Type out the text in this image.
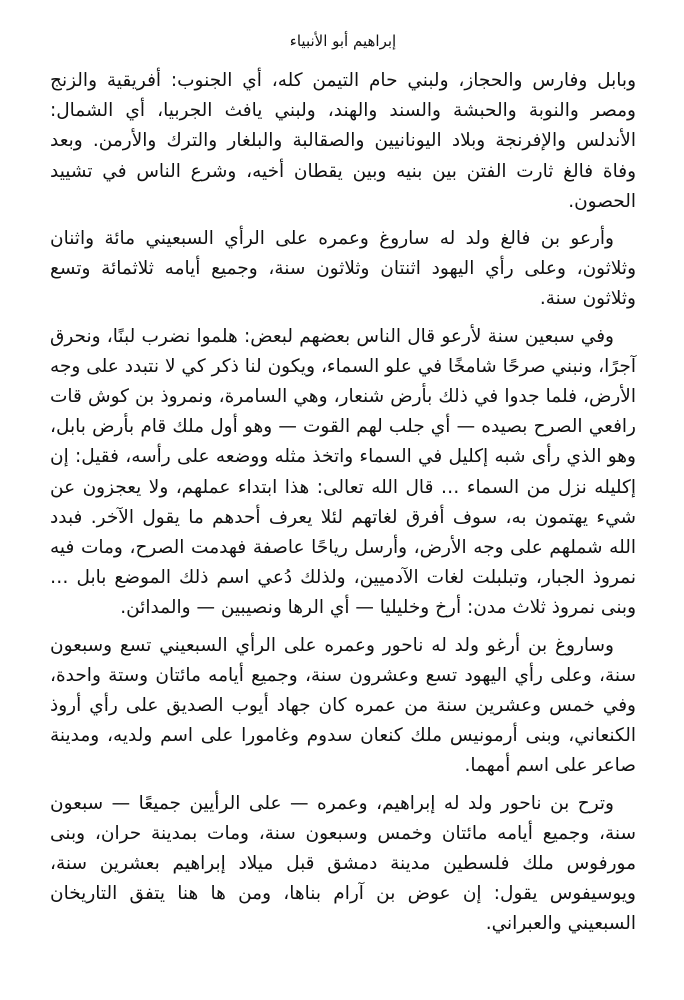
إبراهيم أبو الأنبياء

وبابل وفارس والحجاز، ولبني حام التيمن كله، أي الجنوب: أفريقية والزنج ومصر والنوبة والحبشة والسند والهند، ولبني يافث الجربيا، أي الشمال: الأندلس والإفرنجة وبلاد اليونانيين والصقالبة والبلغار والترك والأرمن. وبعد وفاة فالغ ثارت الفتن بين بنيه وبين يقطان أخيه، وشرع الناس في تشييد الحصون.

وأرعو بن فالغ ولد له ساروغ وعمره على الرأي السبعيني مائة واثنان وثلاثون، وعلى رأي اليهود اثنتان وثلاثون سنة، وجميع أيامه ثلاثمائة وتسع وثلاثون سنة.

وفي سبعين سنة لأرعو قال الناس بعضهم لبعض: هلموا نضرب لبنًا، ونحرق آجرًا، ونبني صرحًا شامخًا في علو السماء، ويكون لنا ذكر كي لا نتبدد على وجه الأرض، فلما جدوا في ذلك بأرض شنعار، وهي السامرة، ونمروذ بن كوش قات رافعي الصرح بصيده — أي جلب لهم القوت — وهو أول ملك قام بأرض بابل، وهو الذي رأى شبه إكليل في السماء واتخذ مثله ووضعه على رأسه، فقيل: إن إكليله نزل من السماء … قال الله تعالى: هذا ابتداء عملهم، ولا يعجزون عن شيء يهتمون به، سوف أفرق لغاتهم لئلا يعرف أحدهم ما يقول الآخر. فبدد الله شملهم على وجه الأرض، وأرسل رياحًا عاصفة فهدمت الصرح، ومات فيه نمروذ الجبار، وتبلبلت لغات الآدميين، ولذلك دُعي اسم ذلك الموضع بابل … وبنى نمروذ ثلاث مدن: أرخ وخليليا — أي الرها ونصيبين — والمدائن.

وساروغ بن أرغو ولد له ناحور وعمره على الرأي السبعيني تسع وسبعون سنة، وعلى رأي اليهود تسع وعشرون سنة، وجميع أيامه مائتان وستة واحدة، وفي خمس وعشرين سنة من عمره كان جهاد أيوب الصديق على رأي أروذ الكنعاني، وبنى أرمونيس ملك كنعان سدوم وغامورا على اسم ولديه، ومدينة صاعر على اسم أمهما.

وترح بن ناحور ولد له إبراهيم، وعمره — على الرأيين جميعًا — سبعون سنة، وجميع أيامه مائتان وخمس وسبعون سنة، ومات بمدينة حران، وبنى مورفوس ملك فلسطين مدينة دمشق قبل ميلاد إبراهيم بعشرين سنة، ويوسيفوس يقول: إن عوض بن آرام بناها، ومن ها هنا يتفق التاريخان السبعيني والعبراني.
